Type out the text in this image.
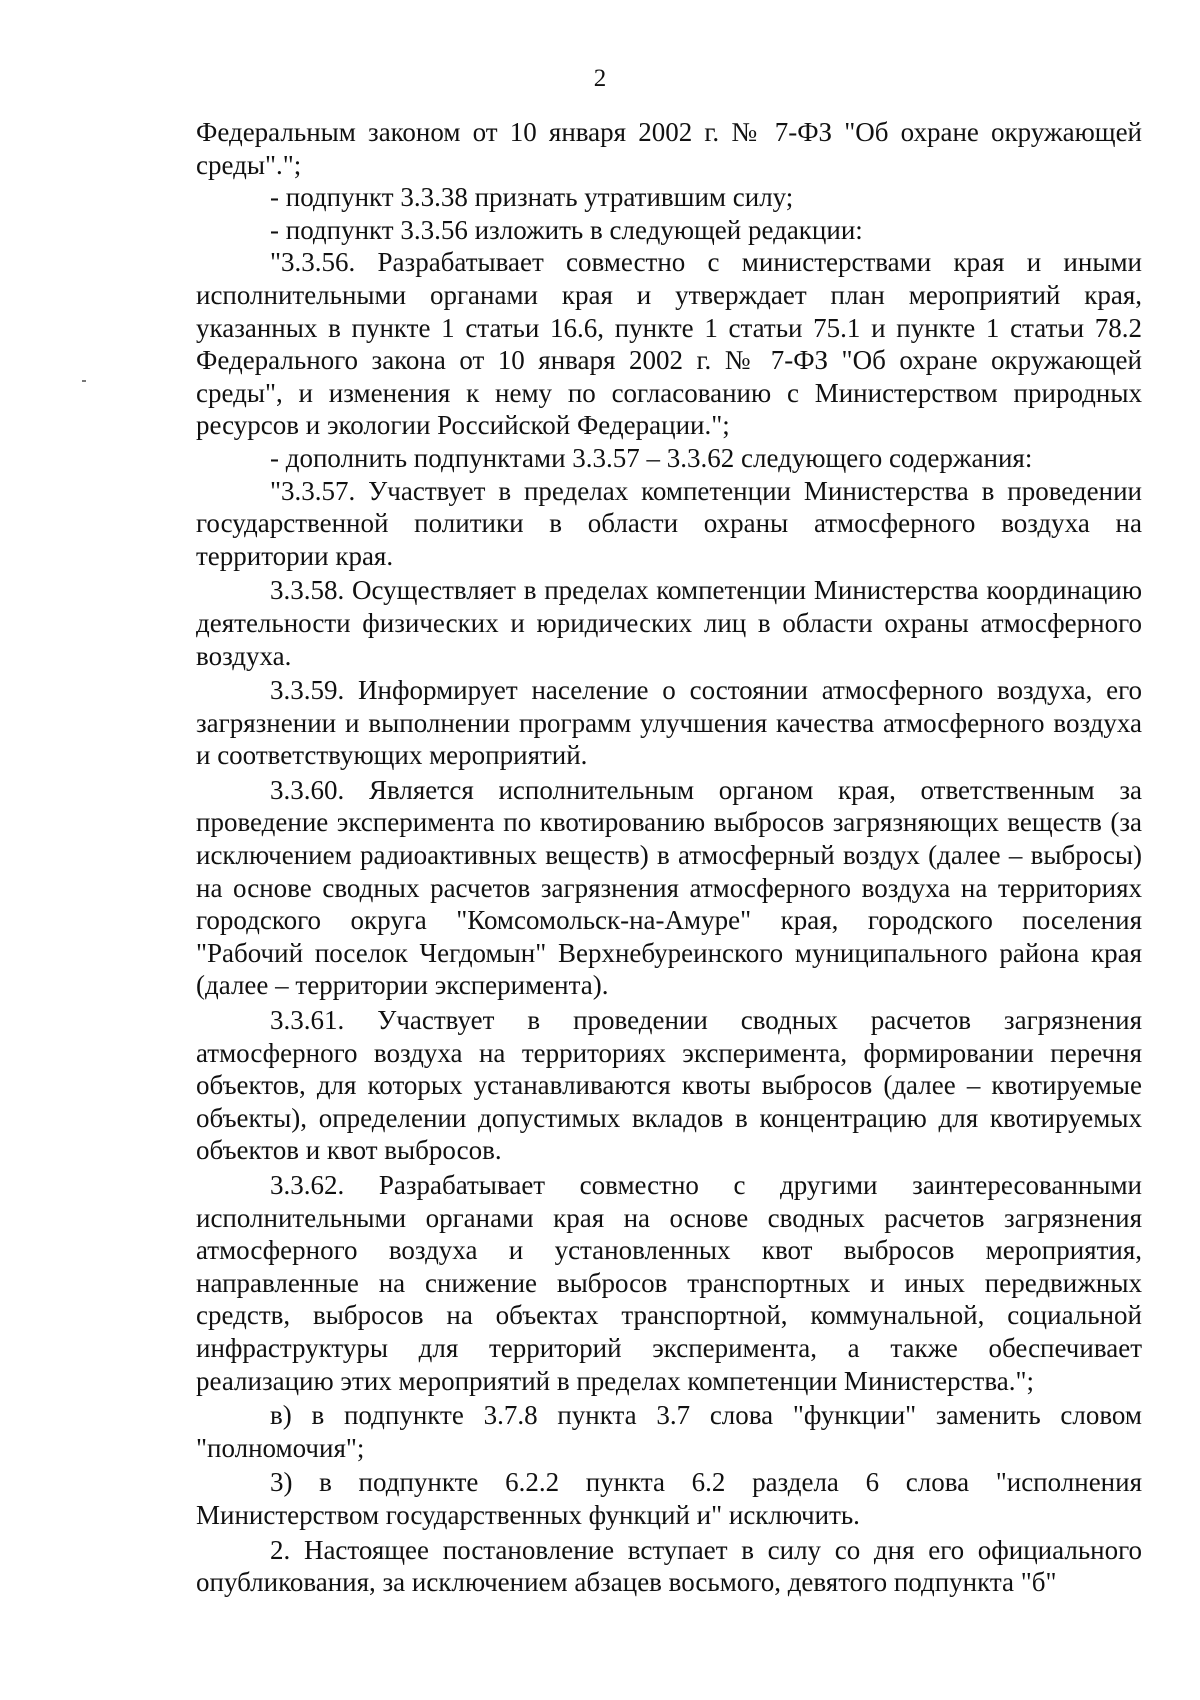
2

Федеральным законом от 10 января 2002 г. № 7-ФЗ "Об охране окружающей среды".";

- подпункт 3.3.38 признать утратившим силу;

- подпункт 3.3.56 изложить в следующей редакции:

"3.3.56. Разрабатывает совместно с министерствами края и иными исполнительными органами края и утверждает план мероприятий края, указанных в пункте 1 статьи 16.6, пункте 1 статьи 75.1 и пункте 1 статьи 78.2 Федерального закона от 10 января 2002 г. № 7-ФЗ "Об охране окружающей среды", и изменения к нему по согласованию с Министерством природных ресурсов и экологии Российской Федерации.";

- дополнить подпунктами 3.3.57 – 3.3.62 следующего содержания:

"3.3.57. Участвует в пределах компетенции Министерства в проведении государственной политики в области охраны атмосферного воздуха на территории края.

3.3.58. Осуществляет в пределах компетенции Министерства координацию деятельности физических и юридических лиц в области охраны атмосферного воздуха.

3.3.59. Информирует население о состоянии атмосферного воздуха, его загрязнении и выполнении программ улучшения качества атмосферного воздуха и соответствующих мероприятий.

3.3.60. Является исполнительным органом края, ответственным за проведение эксперимента по квотированию выбросов загрязняющих веществ (за исключением радиоактивных веществ) в атмосферный воздух (далее – выбросы) на основе сводных расчетов загрязнения атмосферного воздуха на территориях городского округа "Комсомольск-на-Амуре" края, городского поселения "Рабочий поселок Чегдомын" Верхнебуреинского муниципального района края (далее – территории эксперимента).

3.3.61. Участвует в проведении сводных расчетов загрязнения атмосферного воздуха на территориях эксперимента, формировании перечня объектов, для которых устанавливаются квоты выбросов (далее – квотируемые объекты), определении допустимых вкладов в концентрацию для квотируемых объектов и квот выбросов.

3.3.62. Разрабатывает совместно с другими заинтересованными исполнительными органами края на основе сводных расчетов загрязнения атмосферного воздуха и установленных квот выбросов мероприятия, направленные на снижение выбросов транспортных и иных передвижных средств, выбросов на объектах транспортной, коммунальной, социальной инфраструктуры для территорий эксперимента, а также обеспечивает реализацию этих мероприятий в пределах компетенции Министерства.";

в) в подпункте 3.7.8 пункта 3.7 слова "функции" заменить словом "полномочия";

3) в подпункте 6.2.2 пункта 6.2 раздела 6 слова "исполнения Министерством государственных функций и" исключить.

2. Настоящее постановление вступает в силу со дня его официального опубликования, за исключением абзацев восьмого, девятого подпункта "б"
